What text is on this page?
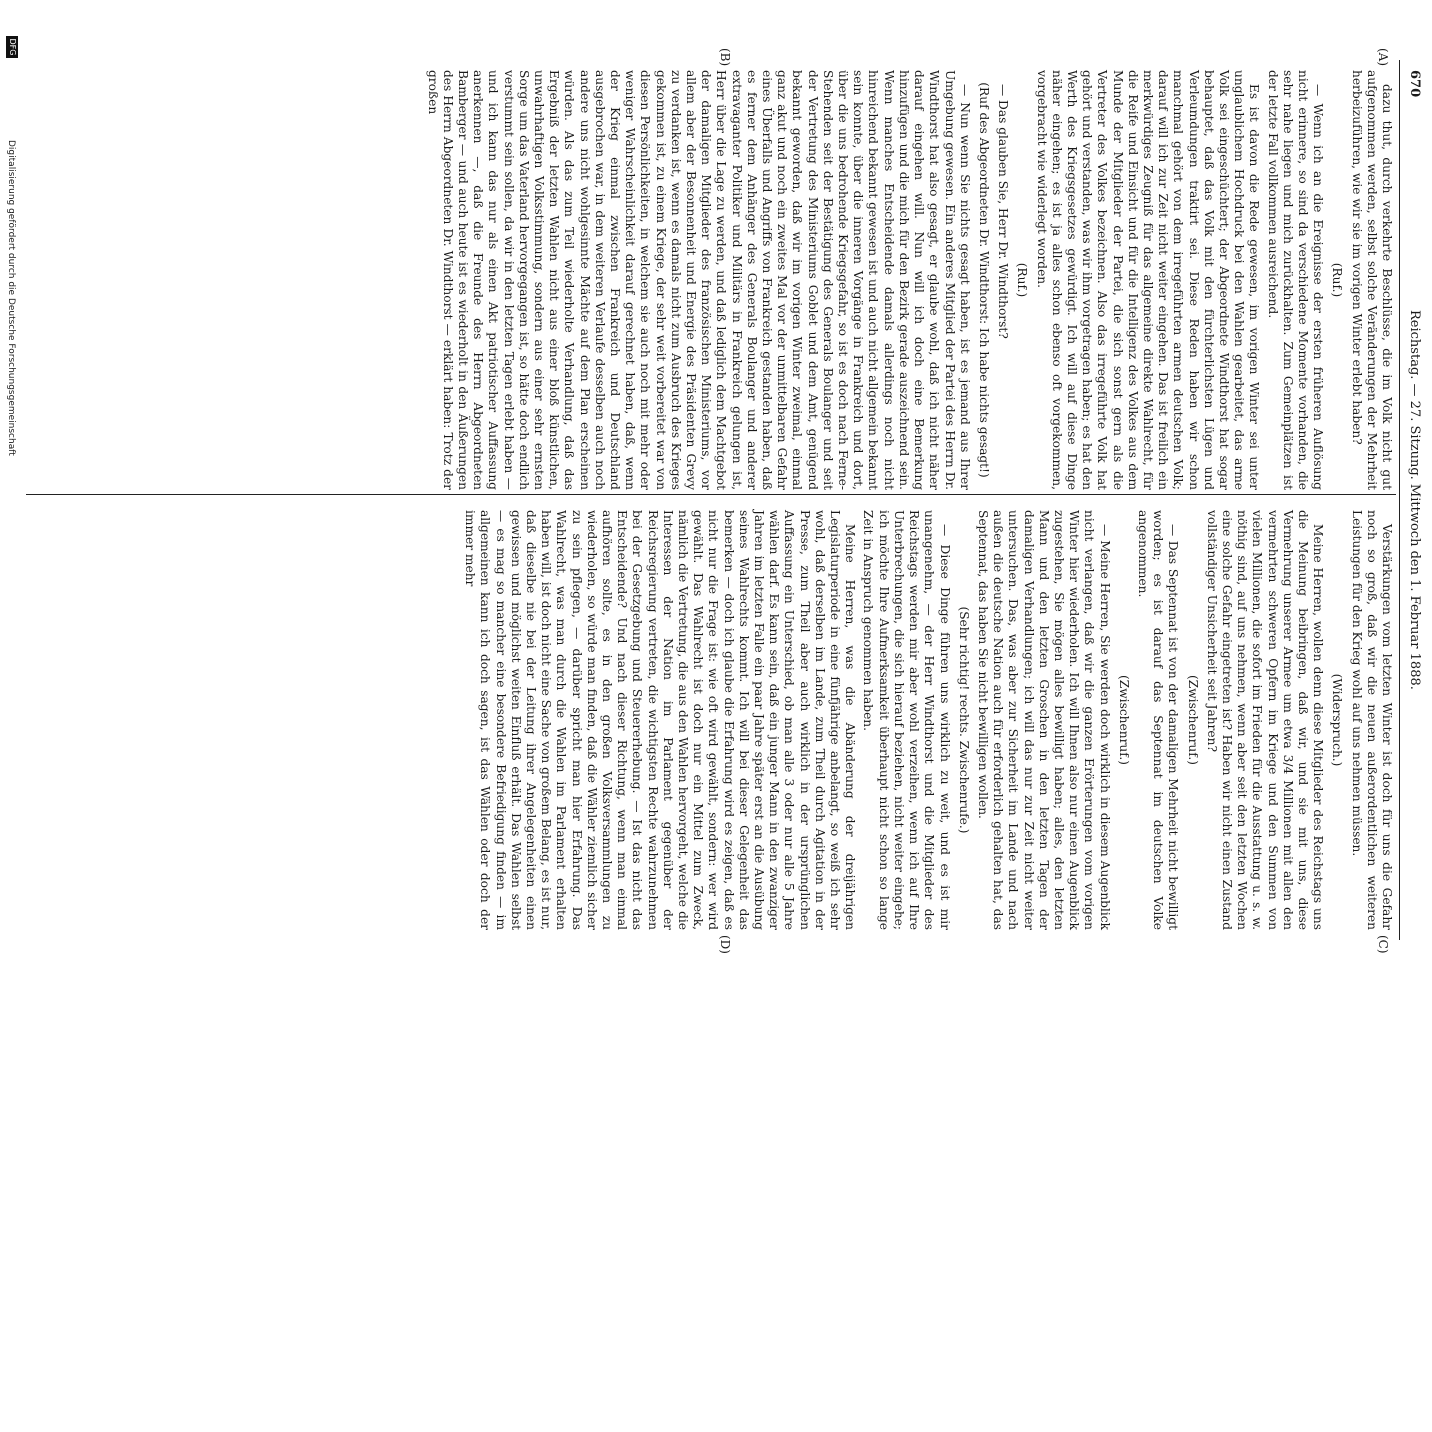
670
Reichstag. — 27. Sitzung. Mittwoch den 1. Februar 1888.
(A)
(B)
(C)
(D)

dazu thut, durch verkehrte Beschlüsse, die im Volk nicht gut aufgenommen werden, selbst solche Veränderungen der Mehrheit herbeizuführen, wie wir sie im vorigen Winter erlebt haben?

(Ruf.)

— Wenn ich an die Ereignisse der ersten früheren Auflösung nicht erinnere, so sind da verschiedene Momente vorhanden, die sehr nahe liegen und mich zurückhalten. Zum Gemeinplätzen ist der letzte Fall vollkommen ausreichend.

Es ist davon die Rede gewesen, im vorigen Winter sei unter unglaublichem Hochdruck bei den Wahlen gearbeitet, das arme Volk sei eingeschüchtert; der Abgeordnete Windthorst hat sogar behauptet, daß das Volk mit den fürchterlichsten Lügen und Verleumdungen traktirt sei. Diese Reden haben wir schon manchmal gehört von dem irregeführten armen deutschen Volk; darauf will ich zur Zeit nicht weiter eingehen. Das ist freilich ein merkwürdiges Zeugniß für das allgemeine direkte Wahlrecht, für die Reife und Einsicht und für die Intelligenz des Volkes aus dem Munde der Mitglieder der Partei, die sich sonst gern als die Vertreter des Volkes bezeichnen. Also das irregeführte Volk hat gehört und verstanden, was wir ihm vorgetragen haben; es hat den Werth des Kriegsgesetzes gewürdigt. Ich will auf diese Dinge näher eingehen; es ist ja alles schon ebenso oft vorgekommen, vorgebracht wie widerlegt worden.

(Ruf.)

— Das glauben Sie, Herr Dr. Windthorst?

(Ruf des Abgeordneten Dr. Windthorst: Ich habe nichts gesagt!)

— Nun wenn Sie nichts gesagt haben, ist es jemand aus Ihrer Umgebung gewesen. Ein anderes Mitglied der Partei des Herrn Dr. Windthorst hat also gesagt, er glaube wohl, daß ich nicht näher darauf eingehen will. Nun will ich doch eine Bemerkung hinzufügen und die mich für den Bezirk gerade auszeichnend sein. Wenn manches Entscheidende damals allerdings noch nicht hinreichend bekannt gewesen ist und auch nicht allgemein bekannt sein konnte, über die inneren Vorgänge in Frankreich und dort, über die uns bedrohende Kriegsgefahr, so ist es doch nach Ferne-Stehenden seit der Bestätigung des Generals Boulanger und seit der Vertretung des Ministeriums Goblet und dem Amt, genügend bekannt geworden, daß wir im vorigen Winter zweimal, einmal ganz akut und noch ein zweites Mal vor der unmittelbaren Gefahr eines Überfalls und Angriffs von Frankreich gestanden haben, daß es ferner dem Anhänger des Generals Boulanger und anderer extravaganter Politiker und Militärs in Frankreich gelungen ist, Herr über die Lage zu werden, und daß lediglich dem Machtgebot der damaligen Mitglieder des französischen Ministeriums, vor allem aber der Besonnenheit und Energie des Präsidenten Grevy zu verdanken ist, wenn es damals nicht zum Ausbruch des Krieges gekommen ist, zu einem Kriege, der sehr weit vorbereitet war von diesen Persönlichkeiten, in welchem sie auch noch mit mehr oder weniger Wahrscheinlichkeit darauf gerechnet haben, daß, wenn der Krieg einmal zwischen Frankreich und Deutschland ausgebrochen war, in dem weiteren Verlaufe desselben auch noch andere uns nicht wohlgesinnte Mächte auf dem Plan erscheinen würden. Als das zum Teil wiederholte Verhandlung, daß das Ergebniß der letzten Wahlen nicht aus einer bloß künstlichen, unwahrhaftigen Volksstimmung, sondern aus einer sehr ernsten Sorge um das Vaterland hervorgegangen ist, so hätte doch endlich verstummt sein sollen, da wir in den letzten Tagen erlebt haben — und ich kann das nur als einen Akt patriotischer Auffassung anerkennen —, daß die Freunde des Herrn Abgeordneten Bamberger — und auch heute ist es wiederholt in den Äußerungen des Herrn Abgeordneten Dr. Windthorst — erklärt haben: Trotz der großen

Verstärkungen vom letzten Winter ist doch für uns die Gefahr noch so groß, daß wir die neuen außerordentlichen weiteren Leistungen für den Krieg wohl auf uns nehmen müssen.

(Widerspruch.)

Meine Herren, wollen denn diese Mitglieder des Reichstags uns die Meinung beibringen, daß wir, und sie mit uns, diese Vermehrung unserer Armee um etwa 3/4 Millionen mit allen den vermehrten schweren Opfern im Kriege und den Summen von vielen Millionen, die sofort im Frieden für die Ausstattung u. s. w. nöthig sind, auf uns nehmen, wenn aber seit den letzten Wochen eine solche Gefahr eingetreten ist? Haben wir nicht einen Zustand vollständiger Unsicherheit seit Jahren?

(Zwischenruf.)

— Das Septennat ist von der damaligen Mehrheit nicht bewilligt worden; es ist darauf das Septennat im deutschen Volke angenommen.

(Zwischenruf.)

— Meine Herren, Sie werden doch wirklich in diesem Augenblick nicht verlangen, daß wir die ganzen Erörterungen vom vorigen Winter hier wiederholen. Ich will Ihnen also nur einen Augenblick zugestehen, Sie mögen alles bewilligt haben; alles, den letzten Mann und den letzten Groschen in den letzten Tagen der damaligen Verhandlungen; ich will das nur zur Zeit nicht weiter untersuchen. Das, was aber zur Sicherheit im Lande und nach außen die deutsche Nation auch für erforderlich gehalten hat, das Septennat, das haben Sie nicht bewilligen wollen.

(Sehr richtig! rechts. Zwischenrufe.)

— Diese Dinge führen uns wirklich zu weit, und es ist mir unangenehm, — der Herr Windthorst und die Mitglieder des Reichstags werden mir aber wohl verzeihen, wenn ich auf Ihre Unterbrechungen, die sich hierauf beziehen, nicht weiter eingehe; ich möchte Ihre Aufmerksamkeit überhaupt nicht schon so lange Zeit in Anspruch genommen haben.

Meine Herren, was die Abänderung der dreijährigen Legislaturperiode in eine fünfjährige anbelangt, so weiß ich sehr wohl, daß derselben im Lande, zum Theil durch Agitation in der Presse, zum Theil aber auch wirklich in der ursprünglichen Auffassung ein Unterschied, ob man alle 3 oder nur alle 5 Jahre wählen darf. Es kann sein, daß ein junger Mann in den zwanziger Jahren im letzten Falle ein paar Jahre später erst an die Ausübung seines Wahlrechts kommt. Ich will bei dieser Gelegenheit das bemerken — doch ich glaube die Erfahrung wird es zeigen, daß es nicht nur die Frage ist: wie oft wird gewählt, sondern: wer wird gewählt. Das Wahlrecht ist doch nur ein Mittel zum Zweck, nämlich die Vertretung, die aus den Wahlen hervorgeht, welche die Interessen der Nation im Parlament gegenüber der Reichsregierung vertreten, die wichtigsten Rechte wahrzunehmen bei der Gesetzgebung und Steuererhebung. — Ist das nicht das Entscheidende? Und nach dieser Richtung, wenn man einmal aufhören sollte, es in den großen Volksversammlungen zu wiederholen, so würde man finden, daß die Wähler ziemlich sicher zu sein pflegen, — darüber spricht man hier Erfahrung. Das Wahlrecht, was man durch die Wahlen im Parlament erhalten haben will, ist doch nicht eine Sache von großem Belang, es ist nur, daß dieselbe nie bei der Leitung ihrer Angelegenheiten einen gewissen und möglichst weiten Einfluß erhält. Das Wahlen selbst — es mag so mancher eine besondere Befriedigung finden — im allgemeinen kann ich doch sagen, ist das Wählen oder doch der immer mehr

DFG
Digitalisierung gefördert durch die Deutsche Forschungsgemeinschaft
